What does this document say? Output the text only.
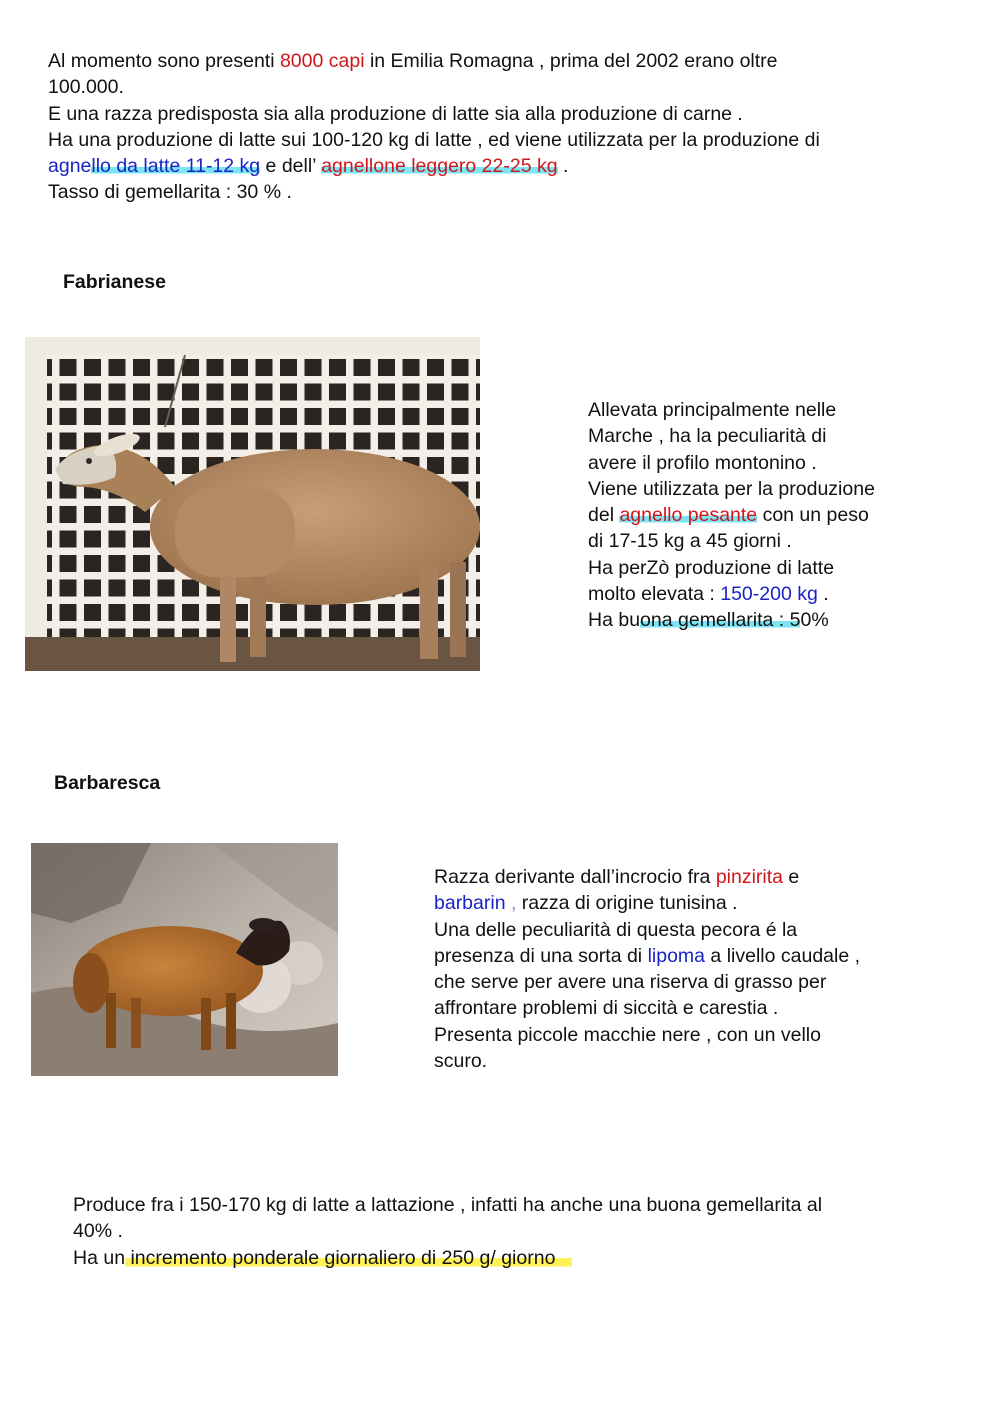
Al momento sono presenti 8000 capi in Emilia Romagna , prima del 2002 erano oltre
100.000.
E una razza predisposta sia alla produzione di latte sia alla produzione di carne .
Ha una produzione di latte sui 100-120 kg di latte , ed viene utilizzata per la produzione di
agnello da latte 11-12 kg e dell’ agnellone leggero 22-25 kg .
Tasso di gemellarita : 30 % .
Fabrianese
Allevata principalmente nelle
Marche , ha la peculiarità di
avere il profilo montonino .
Viene utilizzata per la produzione
del agnello pesante con un peso
di 17-15 kg a 45 giorni .
Ha perZò produzione di latte
molto elevata : 150-200 kg .
Ha buona gemellarita : 50%
Barbaresca
Razza derivante dall’incrocio fra pinzirita e
barbarin , razza di origine tunisina .
Una delle peculiarità di questa pecora é la
presenza di una sorta di lipoma a livello caudale ,
che serve per avere una riserva di grasso per
affrontare problemi di siccità e carestia .
Presenta piccole macchie nere , con un vello
scuro.
Produce fra i 150-170 kg di latte a lattazione , infatti ha anche una buona gemellarita al
40% .
Ha un incremento ponderale giornaliero di 250 g/ giorno
